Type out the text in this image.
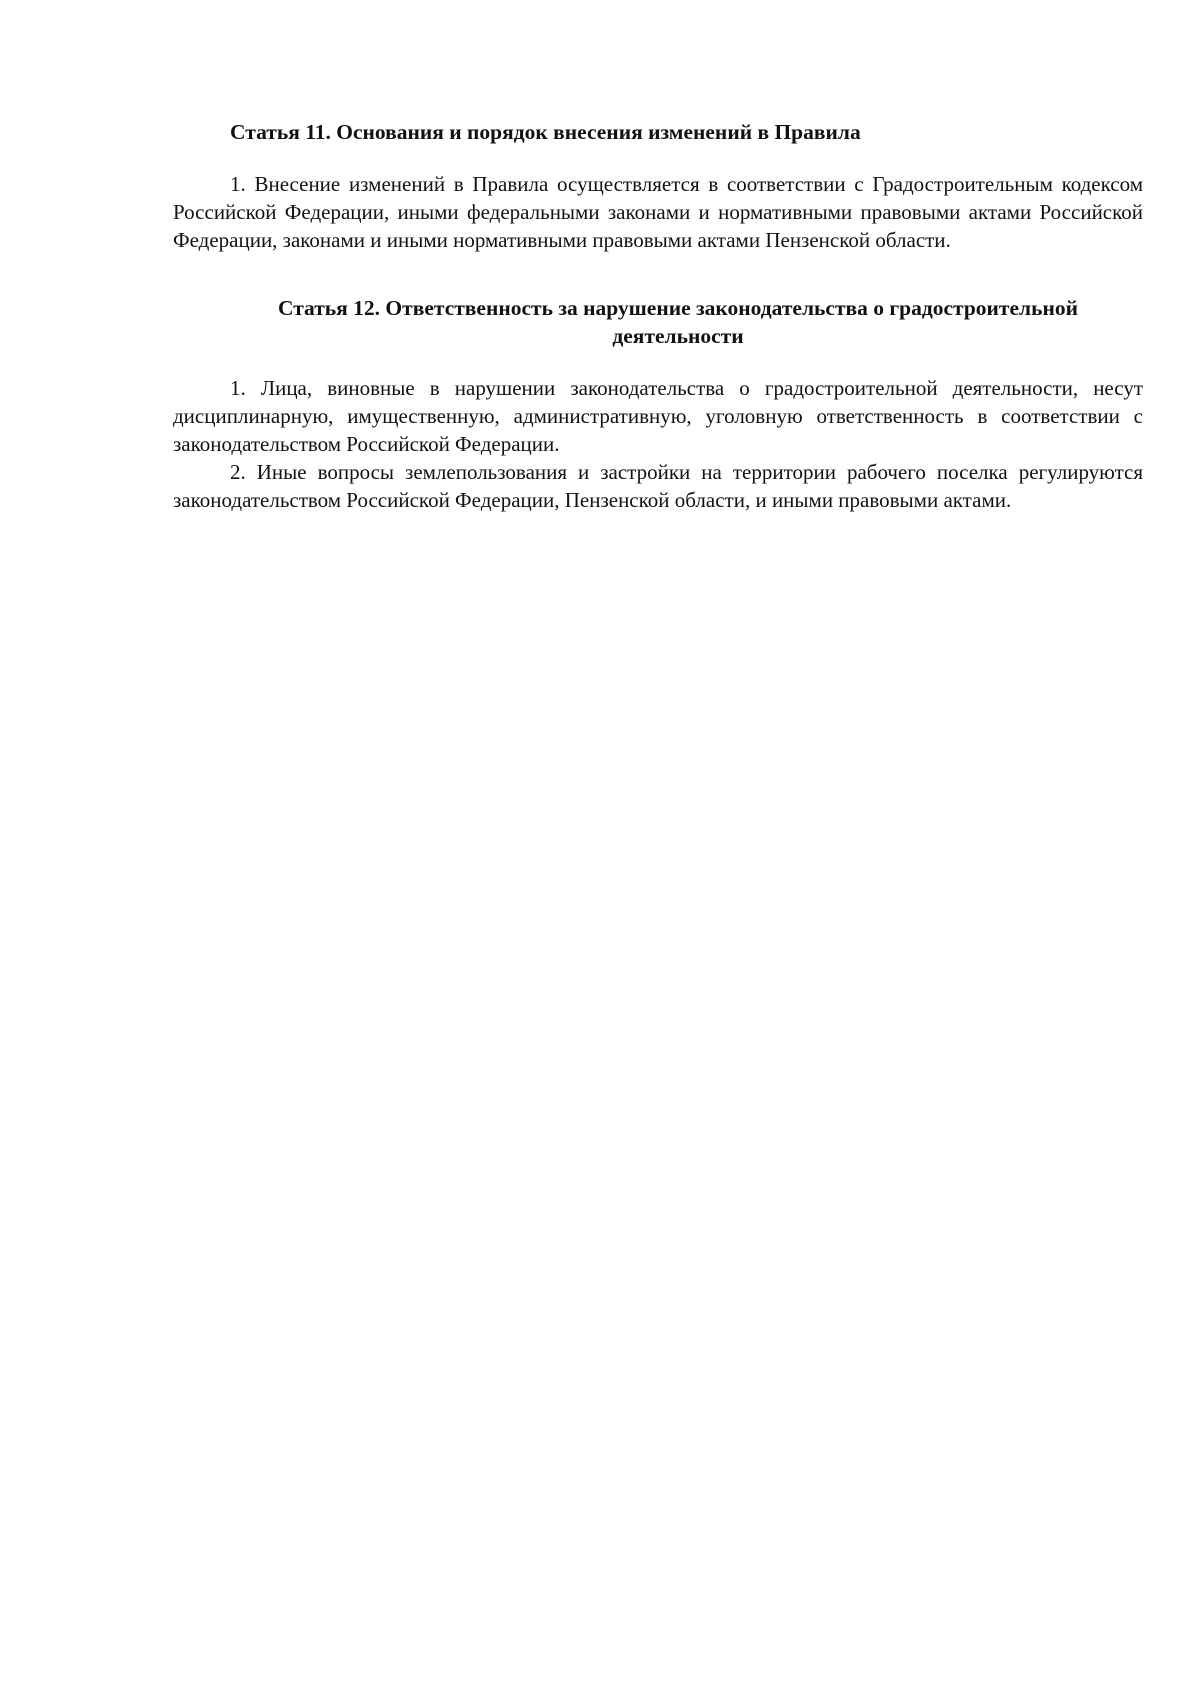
Статья 11. Основания и порядок внесения изменений в Правила

1. Внесение изменений в Правила осуществляется в соответствии с Градостроительным кодексом Российской Федерации, иными федеральными законами и нормативными правовыми актами Российской Федерации, законами и иными нормативными правовыми актами Пензенской области.

Статья 12. Ответственность за нарушение законодательства о градостроительной
деятельности

1. Лица, виновные в нарушении законодательства о градостроительной деятельности, несут дисциплинарную, имущественную, административную, уголовную ответственность в соответствии с законодательством Российской Федерации.

2. Иные вопросы землепользования и застройки на территории рабочего поселка регулируются законодательством Российской Федерации, Пензенской области, и иными правовыми актами.
